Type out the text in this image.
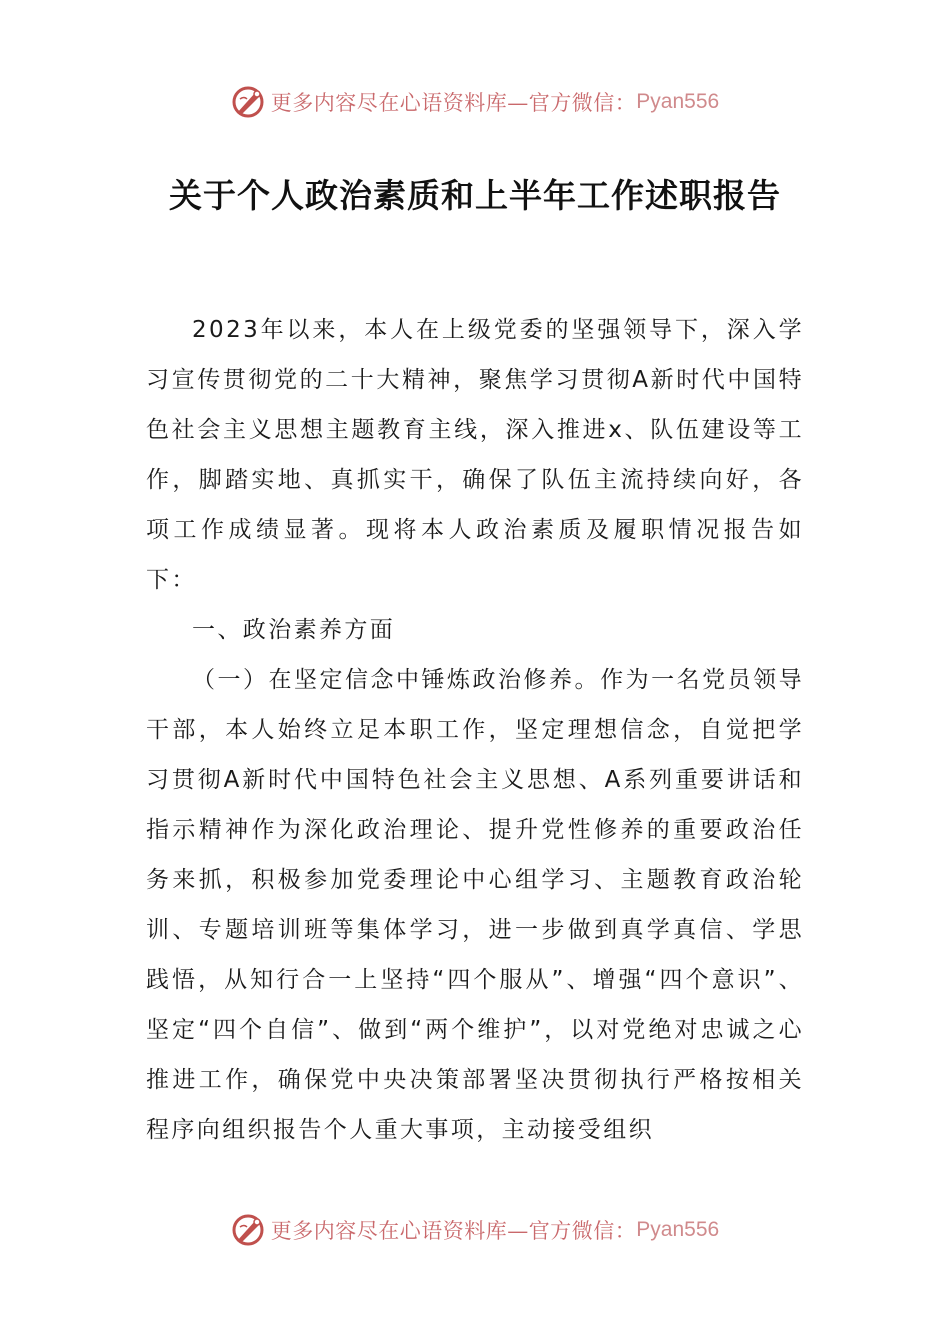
更多内容尽在心语资料库—官方微信： Pyan556
关于个人政治素质和上半年工作述职报告

2023年以来，本人在上级党委的坚强领导下，深入学习宣传贯彻党的二十大精神，聚焦学习贯彻A新时代中国特色社会主义思想主题教育主线，深入推进x、队伍建设等工作，脚踏实地、真抓实干，确保了队伍主流持续向好，各项工作成绩显著。现将本人政治素质及履职情况报告如下：

一、政治素养方面

（一）在坚定信念中锤炼政治修养。作为一名党员领导干部，本人始终立足本职工作，坚定理想信念，自觉把学习贯彻A新时代中国特色社会主义思想、A系列重要讲话和指示精神作为深化政治理论、提升党性修养的重要政治任务来抓，积极参加党委理论中心组学习、主题教育政治轮训、专题培训班等集体学习，进一步做到真学真信、学思践悟，从知行合一上坚持“四个服从”、增强“四个意识”、坚定“四个自信”、做到“两个维护”，以对党绝对忠诚之心推进工作，确保党中央决策部署坚决贯彻执行严格按相关程序向组织报告个人重大事项，主动接受组织

更多内容尽在心语资料库—官方微信： Pyan556
